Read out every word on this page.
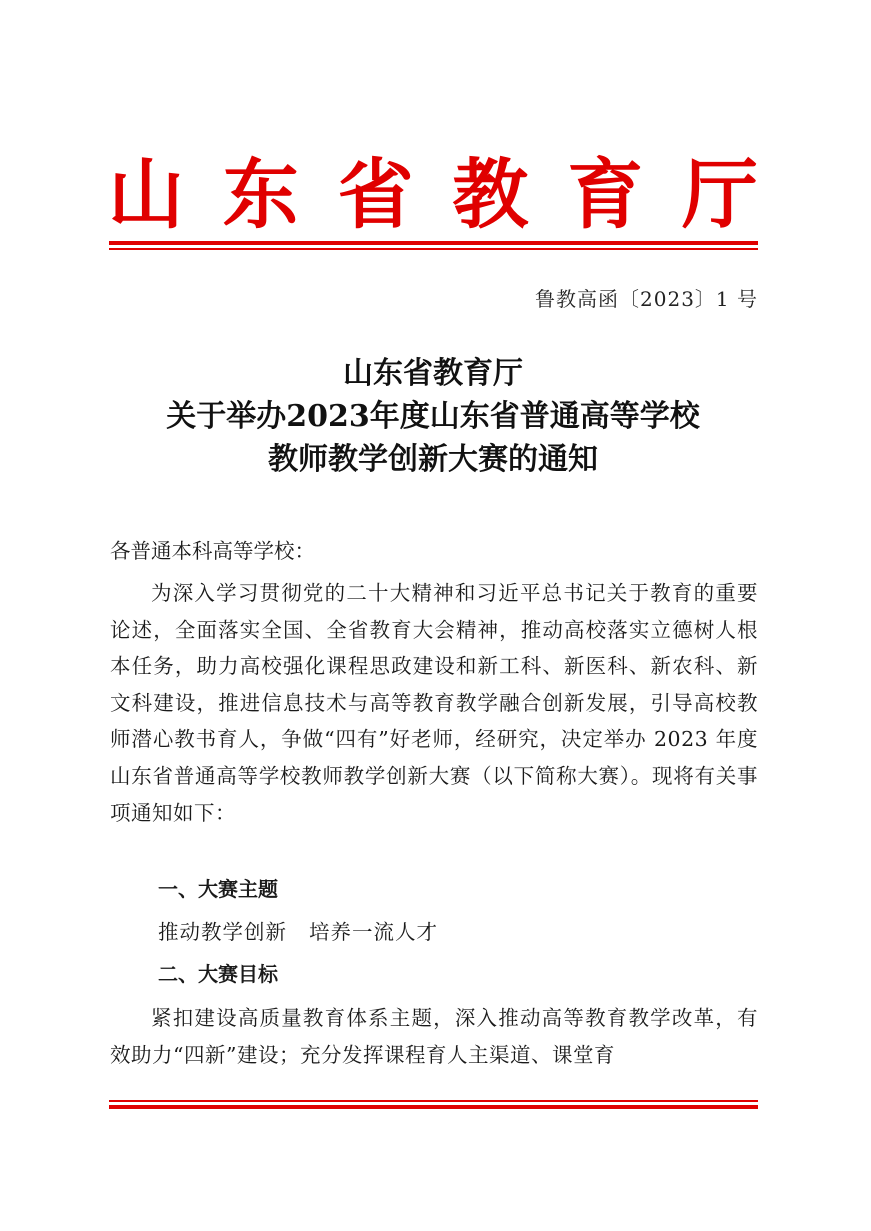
山 东 省 教 育 厅
鲁教高函〔2023〕1 号
山东省教育厅
关于举办2023年度山东省普通高等学校
教师教学创新大赛的通知
各普通本科高等学校：
为深入学习贯彻党的二十大精神和习近平总书记关于教育的重要论述，全面落实全国、全省教育大会精神，推动高校落实立德树人根本任务，助力高校强化课程思政建设和新工科、新医科、新农科、新文科建设，推进信息技术与高等教育教学融合创新发展，引导高校教师潜心教书育人，争做“四有”好老师，经研究，决定举办 2023 年度山东省普通高等学校教师教学创新大赛（以下简称大赛）。现将有关事项通知如下：
一、大赛主题
推动教学创新 培养一流人才
二、大赛目标
紧扣建设高质量教育体系主题，深入推动高等教育教学改革，有效助力“四新”建设；充分发挥课程育人主渠道、课堂育
